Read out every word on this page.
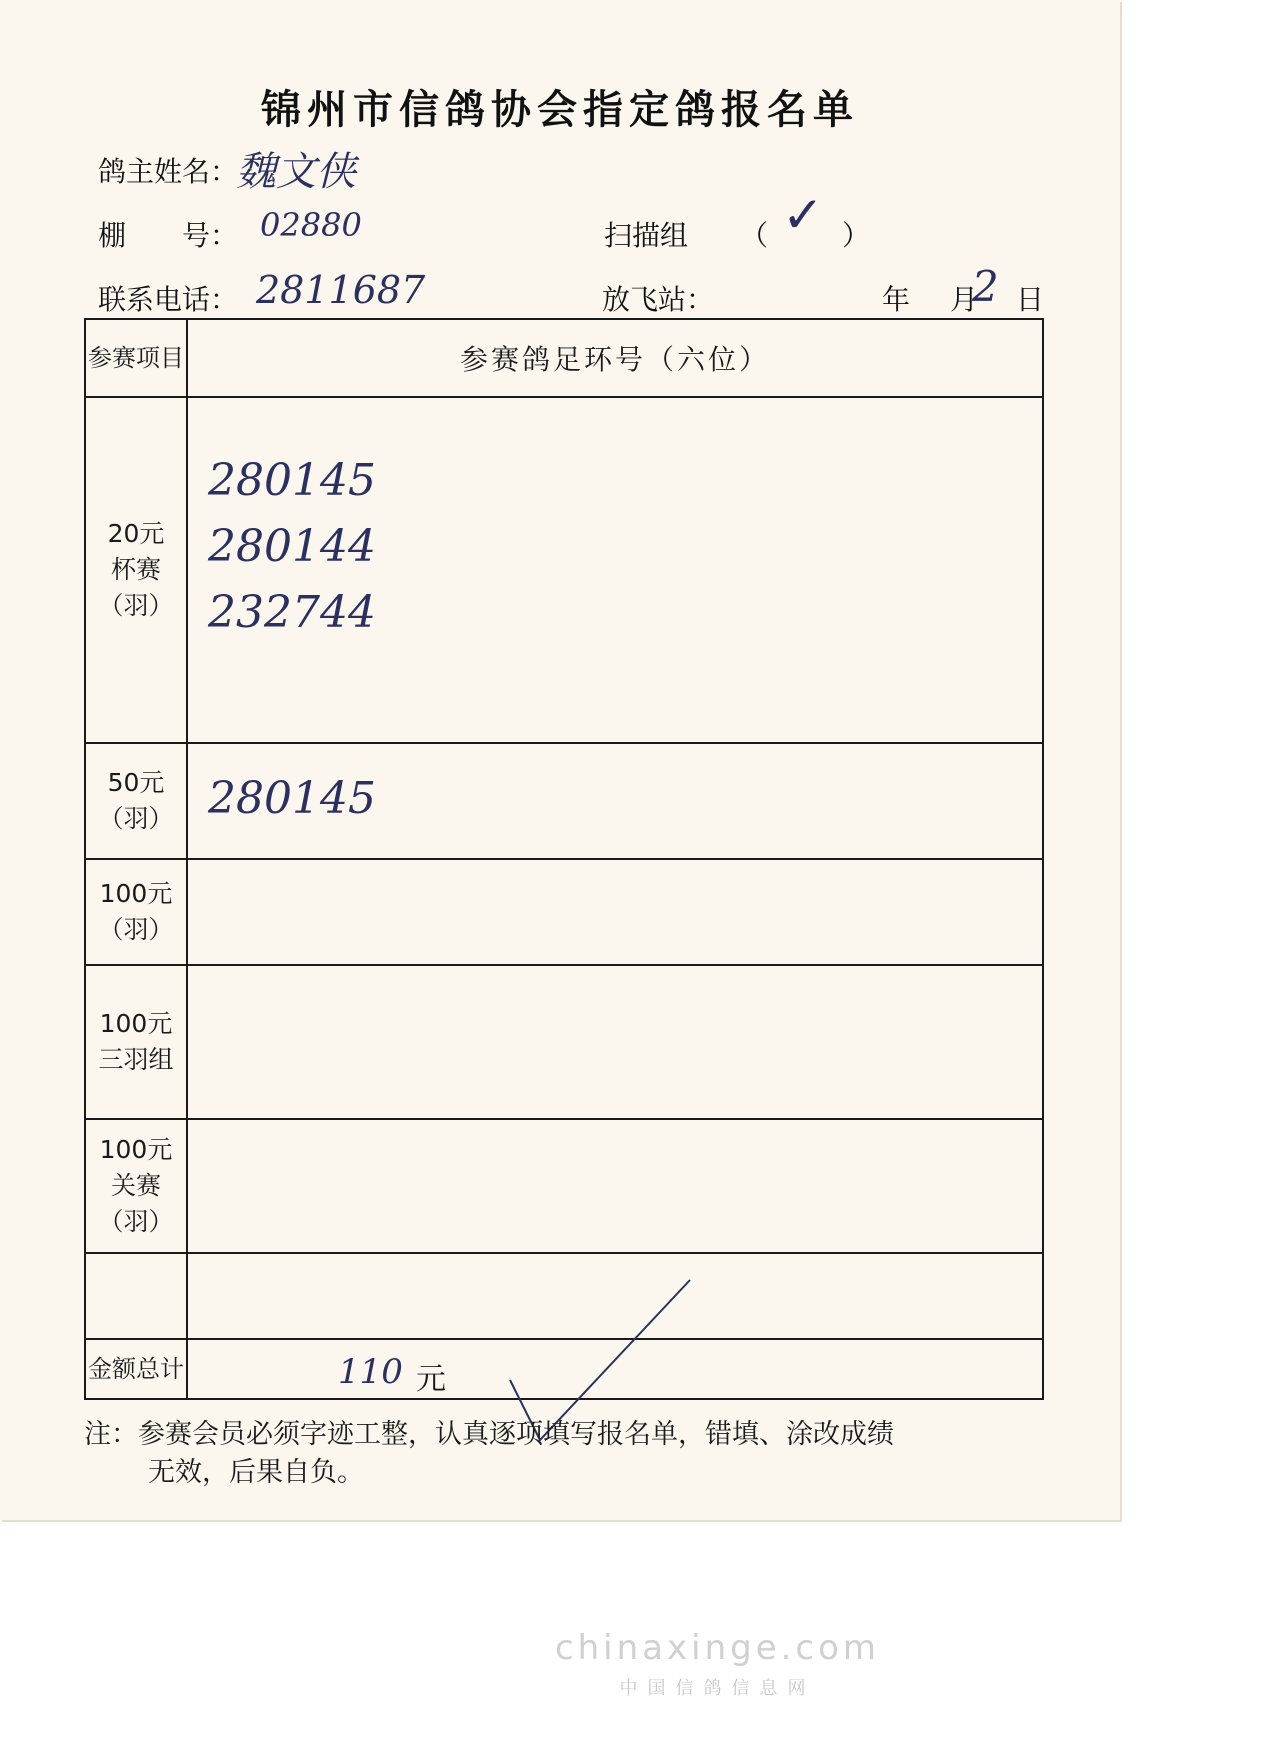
锦州市信鸽协会指定鸽报名单
鸽主姓名：
魏文侠
棚　　号： 02880	扫描组 （ ✓ ）
联系电话： 2811687	放飞站：	年 月
2 日
参赛项目	参赛鸽足环号（六位）

20元
杯赛
（羽）	280145
280144
232744

50元
（羽）	280145

100元
（羽）	

100元
三羽组	

100元
关赛
（羽）	

金额总计	110 元
注：参赛会员必须字迹工整，认真逐项填写报名单，错填、涂改成绩
无效，后果自负。
chinaxinge.com
中国信鸽信息网
